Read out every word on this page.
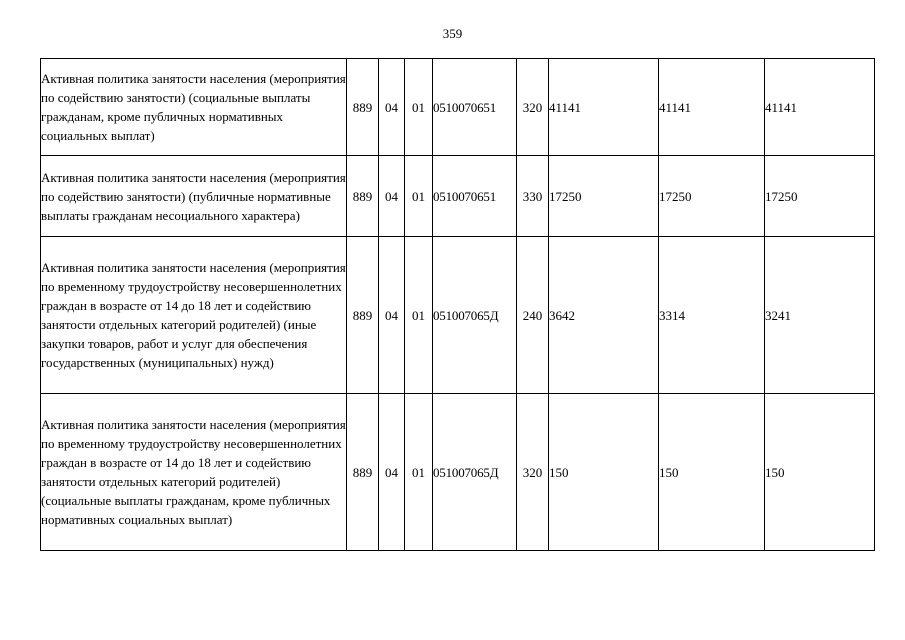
359
Активная политика занятости населения (мероприятия по содействию занятости) (социальные выплаты гражданам, кроме публичных нормативных социальных выплат)	889	04	01	0510070651	320	41141	41141	41141
Активная политика занятости населения (мероприятия по содействию занятости) (публичные нормативные выплаты гражданам несоциального характера)	889	04	01	0510070651	330	17250	17250	17250
Активная политика занятости населения (мероприятия по временному трудоустройству несовершеннолетних граждан в возрасте от 14 до 18 лет и содействию занятости отдельных категорий родителей) (иные закупки товаров, работ и услуг для обеспечения государственных (муниципальных) нужд)	889	04	01	051007065Д	240	3642	3314	3241
Активная политика занятости населения (мероприятия по временному трудоустройству несовершеннолетних граждан в возрасте от 14 до 18 лет и содействию занятости отдельных категорий родителей) (социальные выплаты гражданам, кроме публичных нормативных социальных выплат)	889	04	01	051007065Д	320	150	150	150
